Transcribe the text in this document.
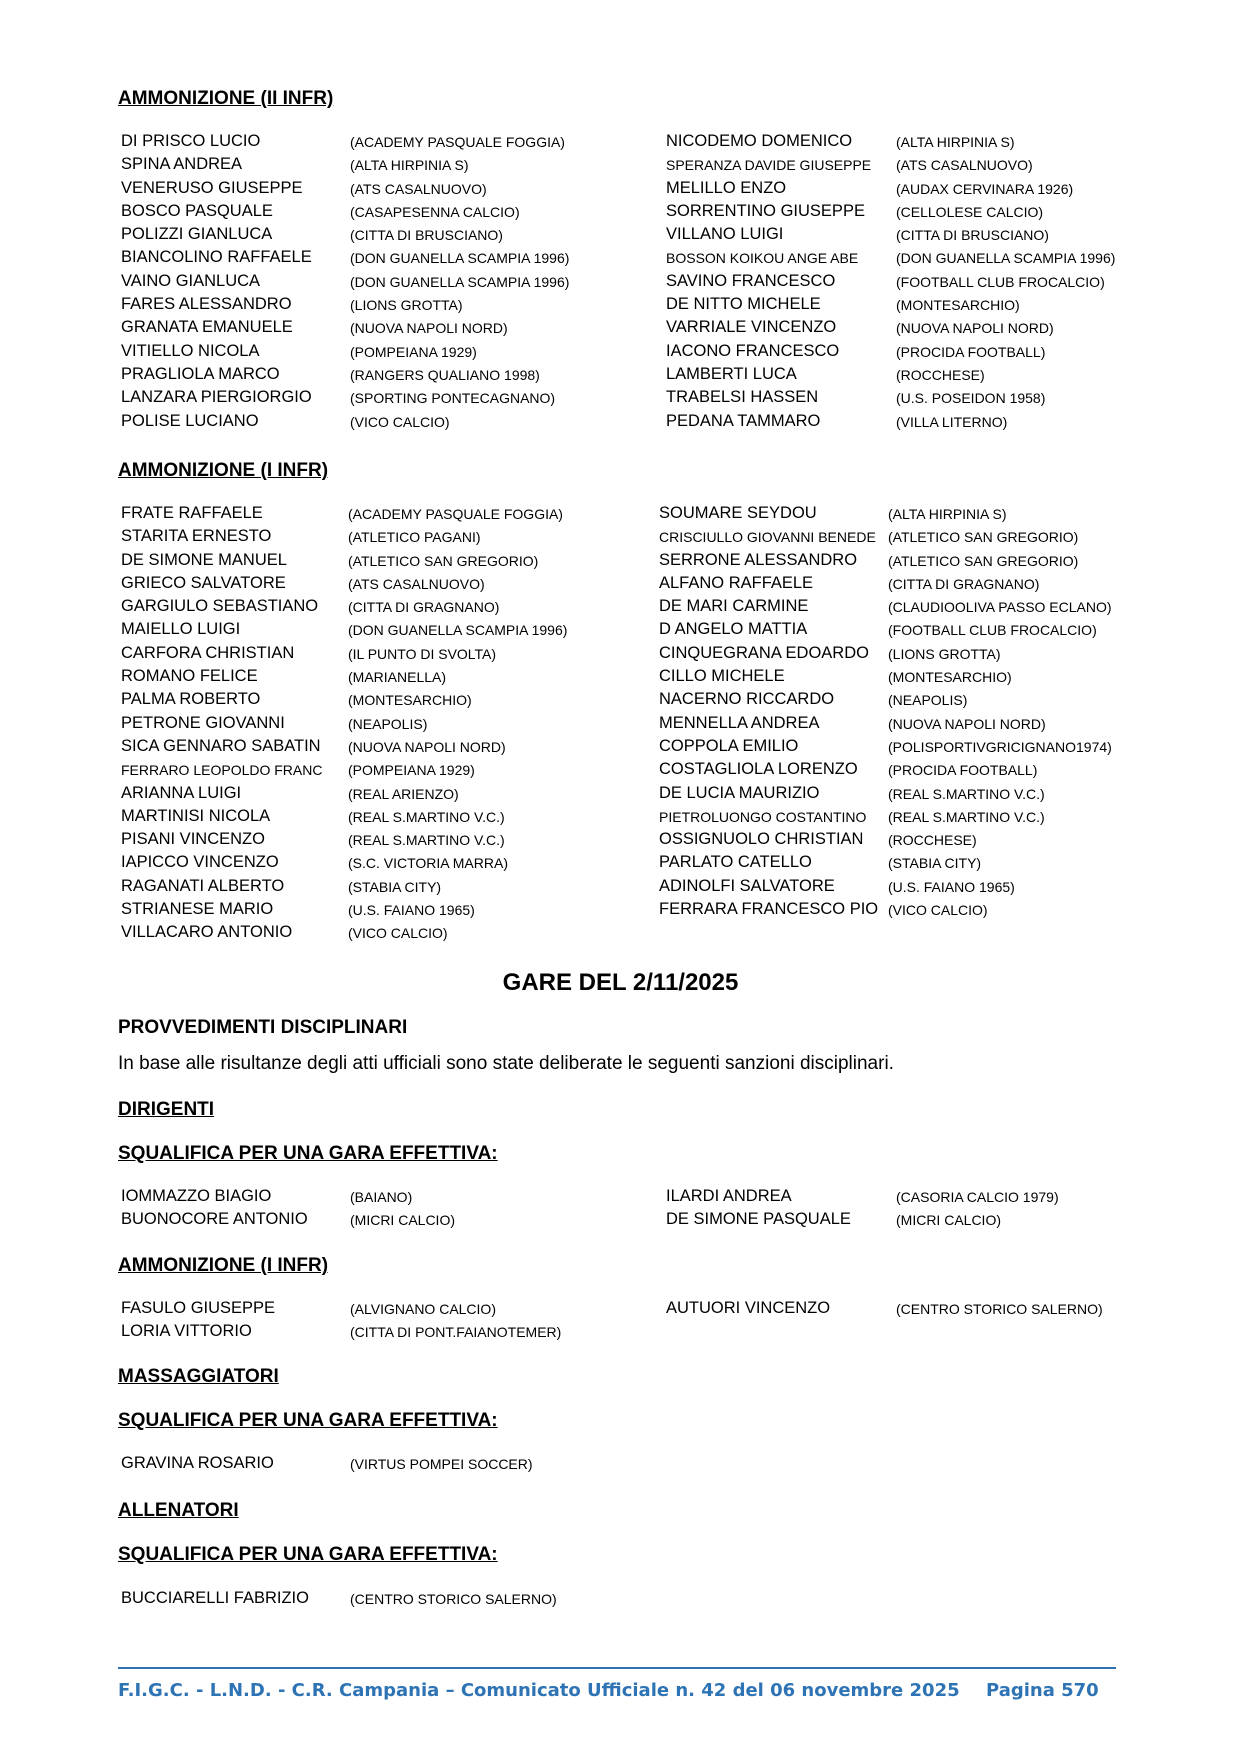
AMMONIZIONE (II INFR)
DI PRISCO LUCIO	(ACADEMY PASQUALE FOGGIA)	NICODEMO DOMENICO	(ALTA HIRPINIA S)
SPINA ANDREA	(ALTA HIRPINIA S)	SPERANZA DAVIDE GIUSEPPE (ATS CASALNUOVO)
VENERUSO GIUSEPPE	(ATS CASALNUOVO)	MELILLO ENZO	(AUDAX CERVINARA 1926)
BOSCO PASQUALE	(CASAPESENNA CALCIO)	SORRENTINO GIUSEPPE (CELLOLESE CALCIO)
POLIZZI GIANLUCA	(CITTA DI BRUSCIANO)	VILLANO LUIGI	(CITTA DI BRUSCIANO)
BIANCOLINO RAFFAELE	(DON GUANELLA SCAMPIA 1996)	BOSSON KOIKOU ANGE ABE	(DON GUANELLA SCAMPIA 1996)
VAINO GIANLUCA	(DON GUANELLA SCAMPIA 1996)	SAVINO FRANCESCO	(FOOTBALL CLUB FROCALCIO)
FARES ALESSANDRO	(LIONS GROTTA)	DE NITTO MICHELE	(MONTESARCHIO)
GRANATA EMANUELE	(NUOVA NAPOLI NORD)	VARRIALE VINCENZO	(NUOVA NAPOLI NORD)
VITIELLO NICOLA	(POMPEIANA 1929)	IACONO FRANCESCO	(PROCIDA FOOTBALL)
PRAGLIOLA MARCO	(RANGERS QUALIANO 1998)	LAMBERTI LUCA	(ROCCHESE)
LANZARA PIERGIORGIO	(SPORTING PONTECAGNANO)	TRABELSI HASSEN	(U.S. POSEIDON 1958)
POLISE LUCIANO	(VICO CALCIO)	PEDANA TAMMARO	(VILLA LITERNO)
AMMONIZIONE (I INFR)
FRATE RAFFAELE	(ACADEMY PASQUALE FOGGIA)	SOUMARE SEYDOU	(ALTA HIRPINIA S)
STARITA ERNESTO	(ATLETICO PAGANI)	CRISCIULLO GIOVANNI BENEDE (ATLETICO SAN GREGORIO)
DE SIMONE MANUEL	(ATLETICO SAN GREGORIO)	SERRONE ALESSANDRO (ATLETICO SAN GREGORIO)
GRIECO SALVATORE	(ATS CASALNUOVO)	ALFANO RAFFAELE	(CITTA DI GRAGNANO)
GARGIULO SEBASTIANO (CITTA DI GRAGNANO)	DE MARI CARMINE	(CLAUDIOOLIVA PASSO ECLANO)
MAIELLO LUIGI	(DON GUANELLA SCAMPIA 1996)	D ANGELO MATTIA	(FOOTBALL CLUB FROCALCIO)
CARFORA CHRISTIAN	(IL PUNTO DI SVOLTA)	CINQUEGRANA EDOARDO (LIONS GROTTA)
ROMANO FELICE	(MARIANELLA)	CILLO MICHELE	(MONTESARCHIO)
PALMA ROBERTO	(MONTESARCHIO)	NACERNO RICCARDO	(NEAPOLIS)
PETRONE GIOVANNI	(NEAPOLIS)	MENNELLA ANDREA	(NUOVA NAPOLI NORD)
SICA GENNARO SABATIN (NUOVA NAPOLI NORD)	COPPOLA EMILIO	(POLISPORTIVGRICIGNANO1974)
FERRARO LEOPOLDO FRANC (POMPEIANA 1929)	COSTAGLIOLA LORENZO (PROCIDA FOOTBALL)
ARIANNA LUIGI	(REAL ARIENZO)	DE LUCIA MAURIZIO	(REAL S.MARTINO V.C.)
MARTINISI NICOLA	(REAL S.MARTINO V.C.)	PIETROLUONGO COSTANTINO (REAL S.MARTINO V.C.)
PISANI VINCENZO	(REAL S.MARTINO V.C.)	OSSIGNUOLO CHRISTIAN (ROCCHESE)
IAPICCO VINCENZO	(S.C. VICTORIA MARRA)	PARLATO CATELLO	(STABIA CITY)
RAGANATI ALBERTO	(STABIA CITY)	ADINOLFI SALVATORE	(U.S. FAIANO 1965)
STRIANESE MARIO	(U.S. FAIANO 1965)	FERRARA FRANCESCO PIO (VICO CALCIO)
VILLACARO ANTONIO	(VICO CALCIO)
GARE DEL 2/11/2025
PROVVEDIMENTI DISCIPLINARI
In base alle risultanze degli atti ufficiali sono state deliberate le seguenti sanzioni disciplinari.
DIRIGENTI
SQUALIFICA PER UNA GARA EFFETTIVA:
IOMMAZZO BIAGIO	(BAIANO)	ILARDI ANDREA	(CASORIA CALCIO 1979)
BUONOCORE ANTONIO	(MICRI CALCIO)	DE SIMONE PASQUALE	(MICRI CALCIO)
AMMONIZIONE (I INFR)
FASULO GIUSEPPE	(ALVIGNANO CALCIO)	AUTUORI VINCENZO	(CENTRO STORICO SALERNO)
LORIA VITTORIO	(CITTA DI PONT.FAIANOTEMER)
MASSAGGIATORI
SQUALIFICA PER UNA GARA EFFETTIVA:
GRAVINA ROSARIO	(VIRTUS POMPEI SOCCER)
ALLENATORI
SQUALIFICA PER UNA GARA EFFETTIVA:
BUCCIARELLI FABRIZIO	(CENTRO STORICO SALERNO)
F.I.G.C. - L.N.D. - C.R. Campania – Comunicato Ufficiale n. 42 del 06 novembre 2025 Pagina 570
